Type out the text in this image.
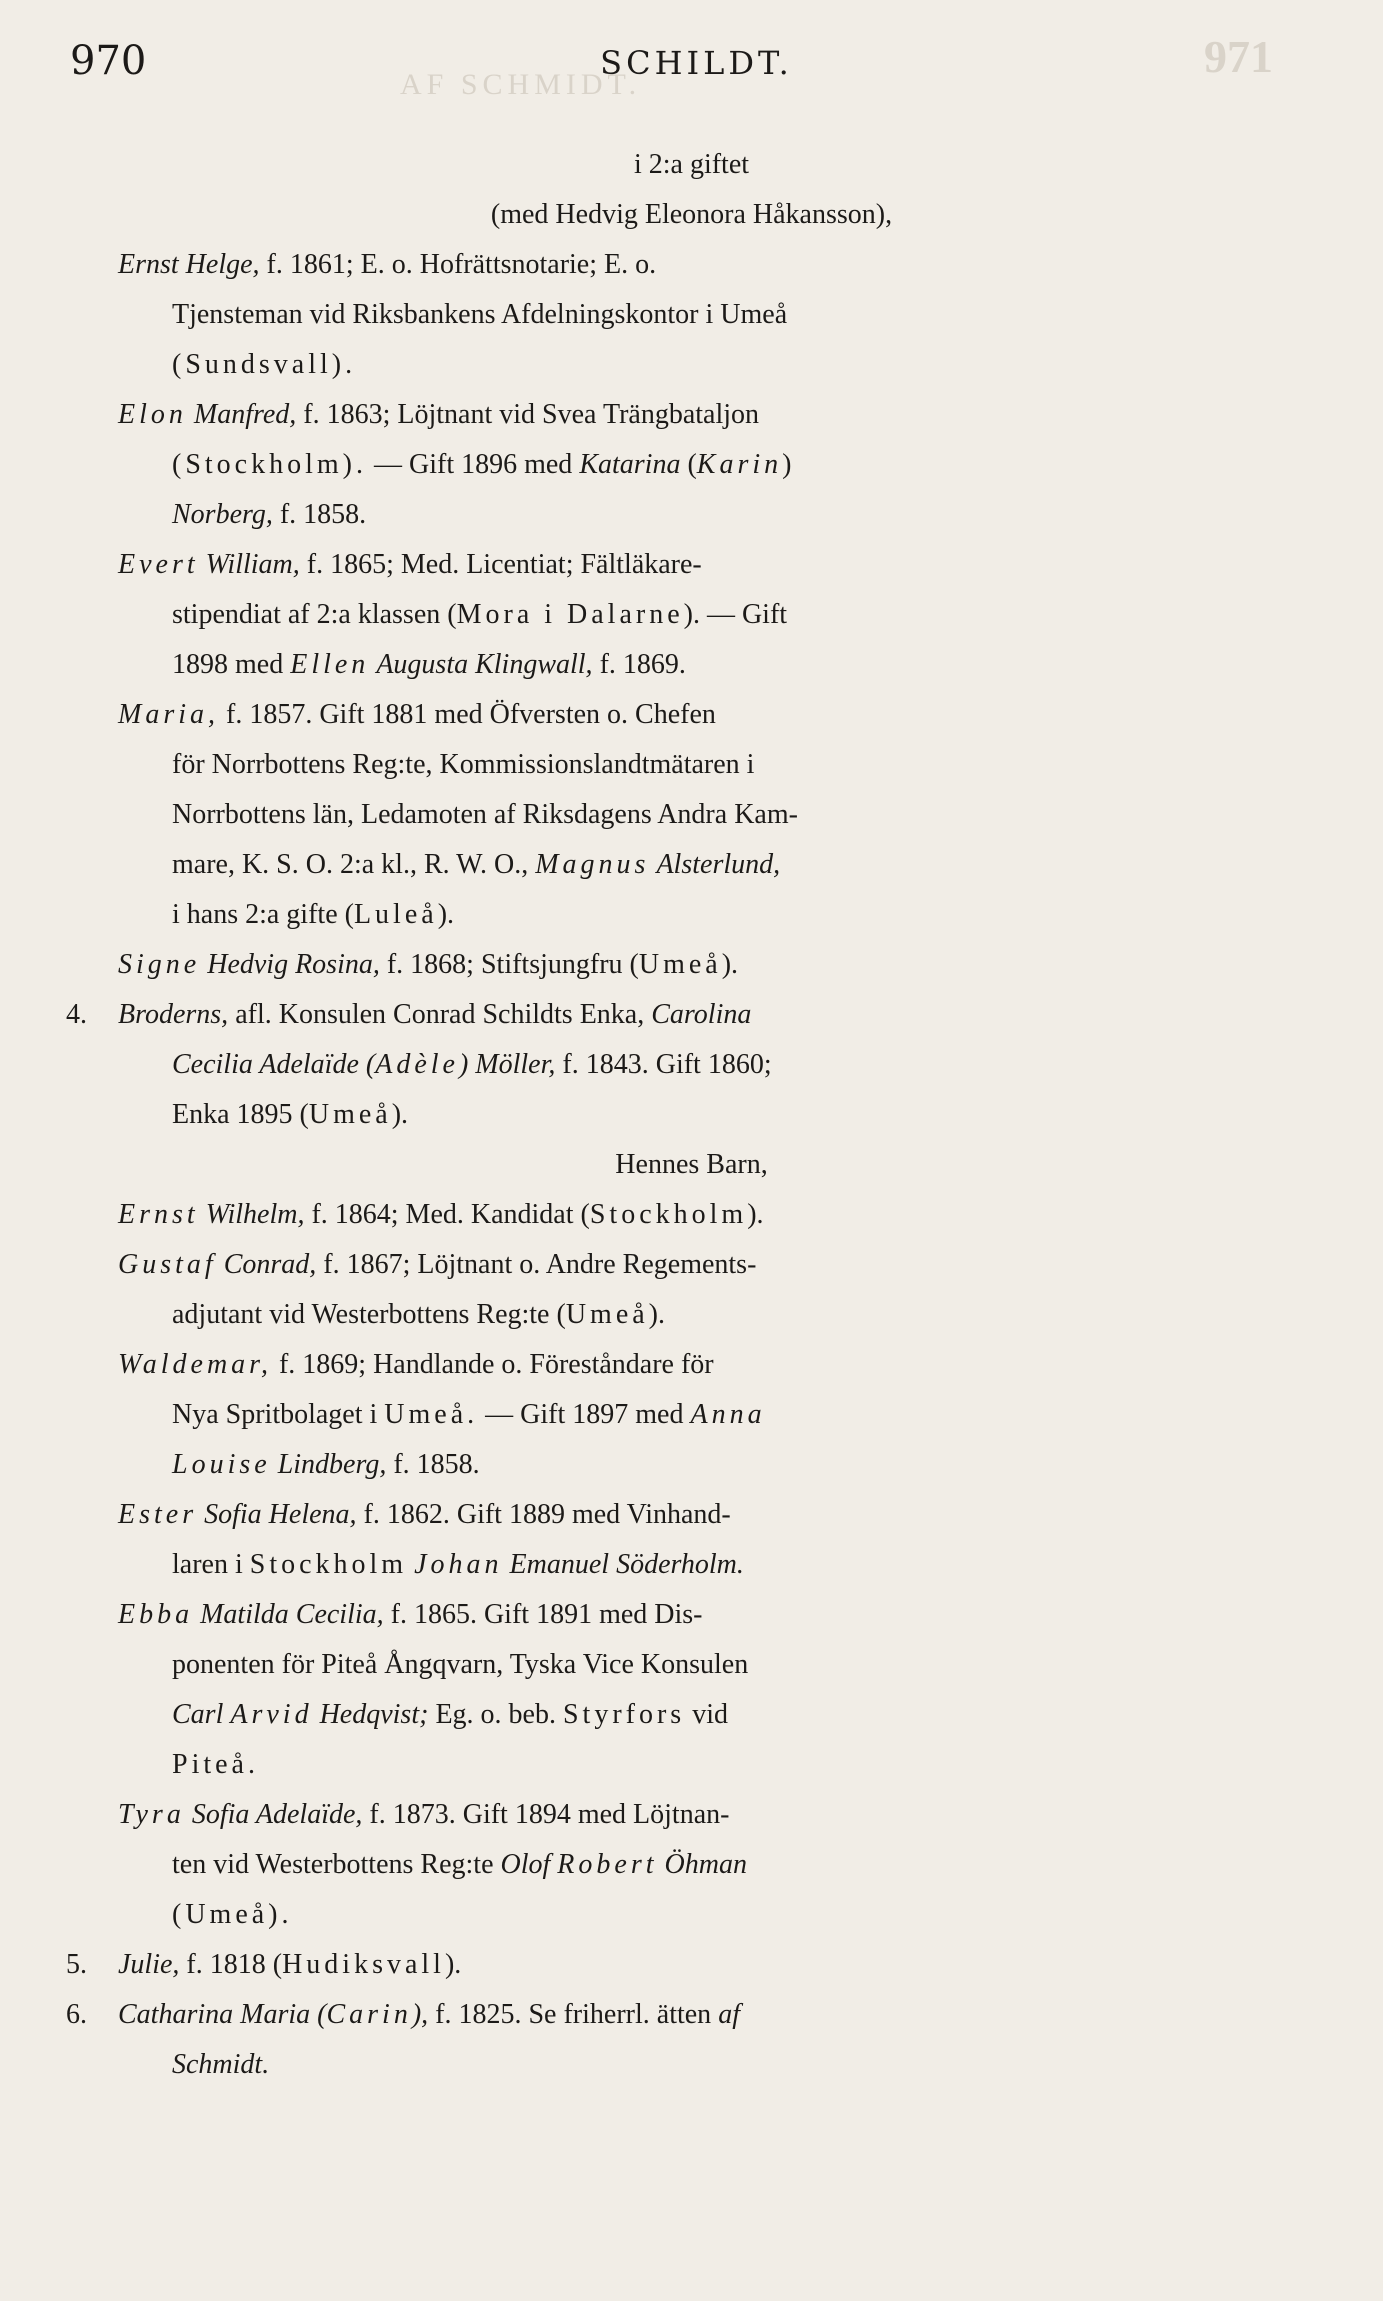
971
AF SCHMIDT.
970	SCHILDT.
i 2:a giftet
(med Hedvig Eleonora Håkansson),
Ernst Helge, f. 1861; E. o. Hofrättsnotarie; E. o.
Tjensteman vid Riksbankens Afdelningskontor i Umeå
(Sundsvall).
Elon Manfred, f. 1863; Löjtnant vid Svea Trängbataljon
(Stockholm). — Gift 1896 med Katarina (Karin)
Norberg, f. 1858.
Evert William, f. 1865; Med. Licentiat; Fältläkare-
stipendiat af 2:a klassen (Mora i Dalarne). — Gift
1898 med Ellen Augusta Klingwall, f. 1869.
Maria, f. 1857. Gift 1881 med Öfversten o. Chefen
för Norrbottens Reg:te, Kommissionslandtmätaren i
Norrbottens län, Ledamoten af Riksdagens Andra Kam-
mare, K. S. O. 2:a kl., R. W. O., Magnus Alsterlund,
i hans 2:a gifte (Luleå).
Signe Hedvig Rosina, f. 1868; Stiftsjungfru (Umeå).
4. Broderns, afl. Konsulen Conrad Schildts Enka, Carolina
Cecilia Adelaïde (Adèle) Möller, f. 1843. Gift 1860;
Enka 1895 (Umeå).
Hennes Barn,
Ernst Wilhelm, f. 1864; Med. Kandidat (Stockholm).
Gustaf Conrad, f. 1867; Löjtnant o. Andre Regements-
adjutant vid Westerbottens Reg:te (Umeå).
Waldemar, f. 1869; Handlande o. Föreståndare för
Nya Spritbolaget i Umeå. — Gift 1897 med Anna
Louise Lindberg, f. 1858.
Ester Sofia Helena, f. 1862. Gift 1889 med Vinhand-
laren i Stockholm Johan Emanuel Söderholm.
Ebba Matilda Cecilia, f. 1865. Gift 1891 med Dis-
ponenten för Piteå Ångqvarn, Tyska Vice Konsulen
Carl Arvid Hedqvist; Eg. o. beb. Styrfors vid
Piteå.
Tyra Sofia Adelaïde, f. 1873. Gift 1894 med Löjtnan-
ten vid Westerbottens Reg:te Olof Robert Öhman
(Umeå).
5. Julie, f. 1818 (Hudiksvall).
6. Catharina Maria (Carin), f. 1825. Se friherrl. ätten af
Schmidt.
